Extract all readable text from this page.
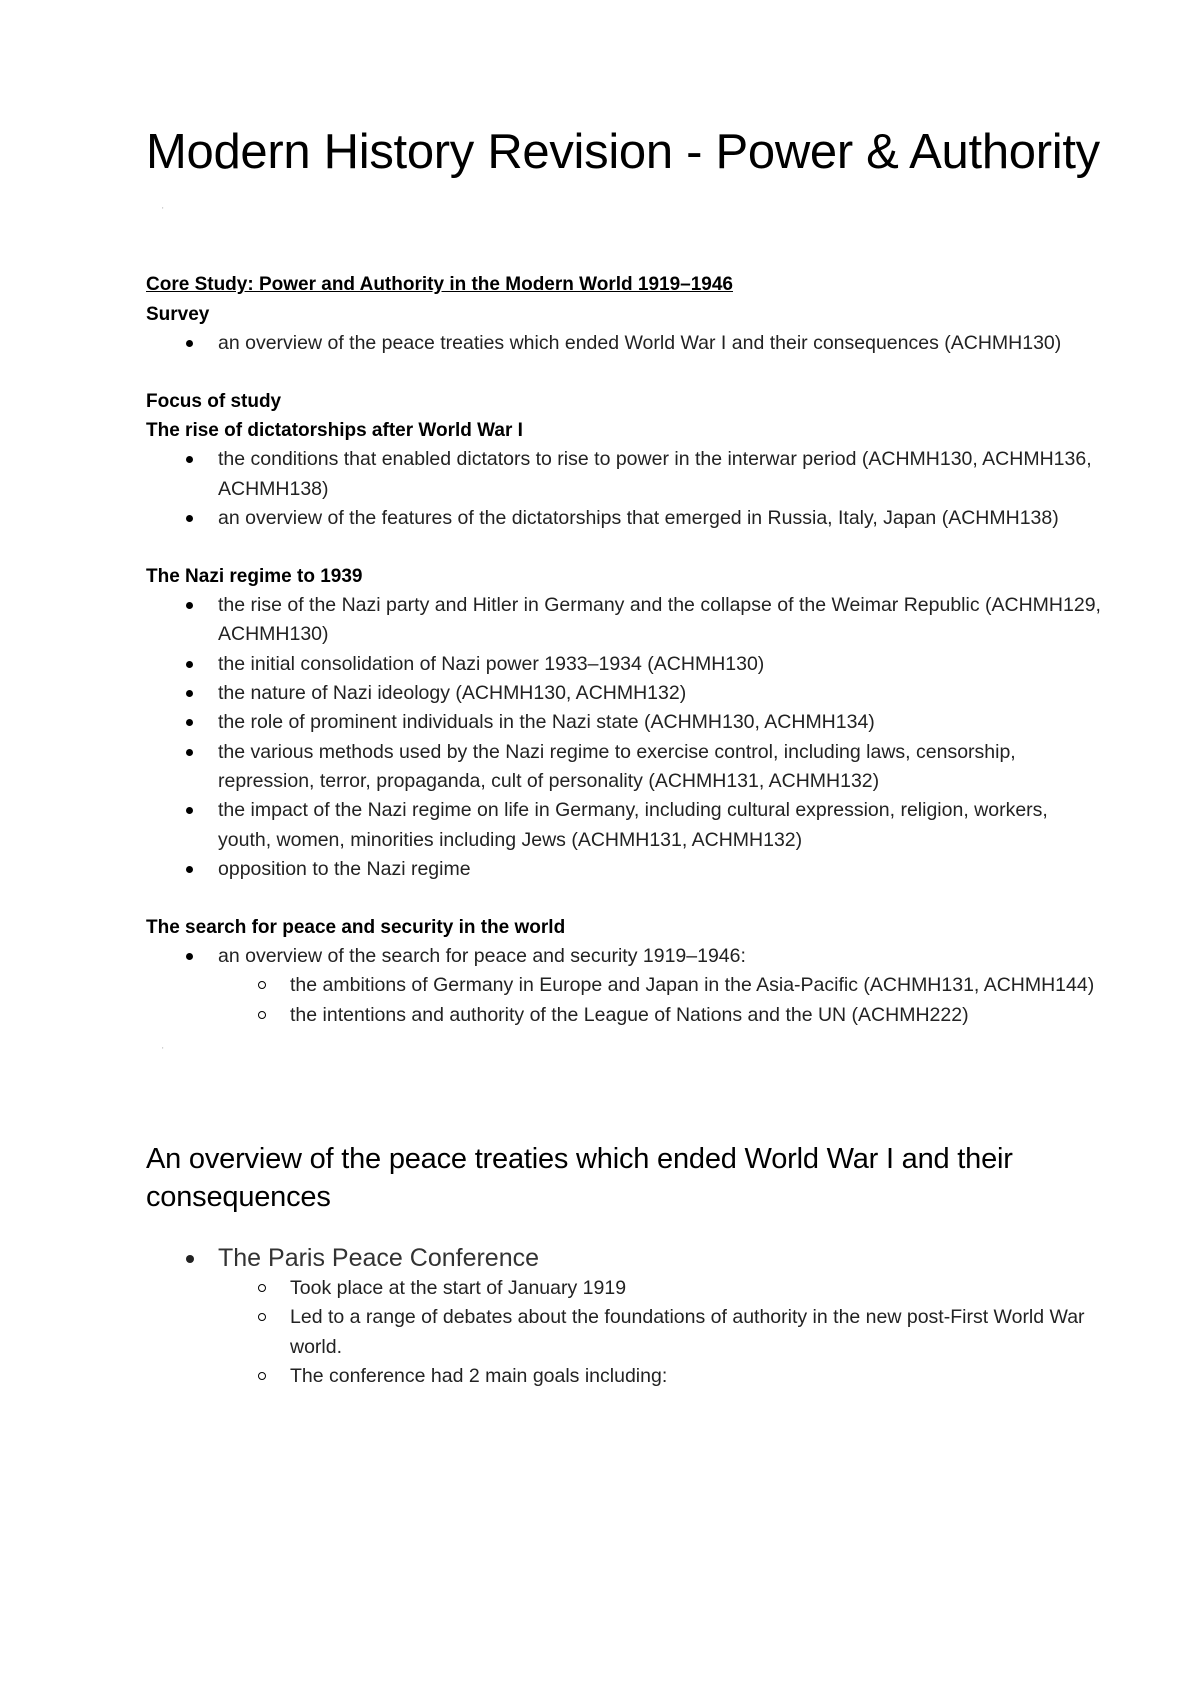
Modern History Revision - Power & Authority
'

Core Study: Power and Authority in the Modern World 1919–1946

Survey

an overview of the peace treaties which ended World War I and their consequences (ACHMH130)

Focus of study

The rise of dictatorships after World War I

the conditions that enabled dictators to rise to power in the interwar period (ACHMH130, ACHMH136, ACHMH138)
an overview of the features of the dictatorships that emerged in Russia, Italy, Japan (ACHMH138)

The Nazi regime to 1939

the rise of the Nazi party and Hitler in Germany and the collapse of the Weimar Republic (ACHMH129, ACHMH130)
the initial consolidation of Nazi power 1933–1934 (ACHMH130)
the nature of Nazi ideology (ACHMH130, ACHMH132)
the role of prominent individuals in the Nazi state (ACHMH130, ACHMH134)
the various methods used by the Nazi regime to exercise control, including laws, censorship, repression, terror, propaganda, cult of personality (ACHMH131, ACHMH132)
the impact of the Nazi regime on life in Germany, including cultural expression, religion, workers, youth, women, minorities including Jews (ACHMH131, ACHMH132)
opposition to the Nazi regime

The search for peace and security in the world

an overview of the search for peace and security 1919–1946:
the ambitions of Germany in Europe and Japan in the Asia-Pacific (ACHMH131, ACHMH144)
the intentions and authority of the League of Nations and the UN (ACHMH222)
'
An overview of the peace treaties which ended World War I and their consequences
The Paris Peace Conference
Took place at the start of January 1919
Led to a range of debates about the foundations of authority in the new post-First World War world.
The conference had 2 main goals including:
